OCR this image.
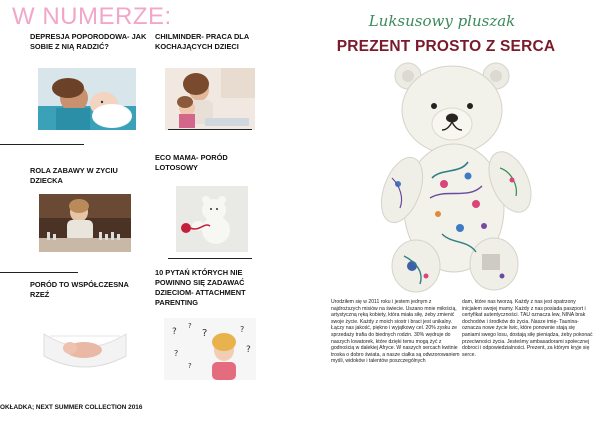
W NUMERZE:
DEPRESJA POPORODOWA- JAK SOBIE Z NIĄ RADZIĆ?
CHILMINDER- PRACA DLA KOCHAJĄCYCH DZIECI
ROLA ZABAWY W ZYCIU DZIECKA
ECO MAMA- PORÓD LOTOSOWY
PORÓD TO WSPÓŁCZESNA RZEŹ
10 PYTAŃ KTÓRYCH NIE POWINNO SIĘ ZADAWAĆ DZIECIOM- ATTACHMENT PARENTING
?
?
?
?
?
?
?
OKŁADKA; NEXT SUMMER COLLECTION 2016
Luksusowy pluszak
PREZENT PROSTO Z SERCA
Urodziłem się w 2011 roku i jestem jednym z najdroższych misiów na świecie. Uszano mnie miłością, artystyczną ręką kobiety, która miała siłę, żeby zmienić swoje życie. Każdy z moich siostr i braci jest unikalny. Łączy nas jakość, piękno i wyjątkowy cel. 20% zysku ze sprzedaży trafia do biednych rodzin. 30% wędruje do naszych lowatorek, które dzięki temu mogą żyć z godnością w dalekiej Afryce. W naszych sercach kwitnie troska o dobro świata, a nasze ciałka są odwzorowaniem myśli, widoków i talentów poszczególnych
dam, które nas tworzą. Każdy z nas jest opatrzony inicjałem swojej mamy. Każdy z nas posiada paszport i certyfikat autentyczności. TAU oznacza lew, NINA brak dochodów i środków do życia. Nasze imię- Taunina- oznacza nowe życie lwic, które ponownie stają się paniami swego losu, dostają siłę pieniądza, żeby pokonać przeciwności życia. Jesteśmy ambasadorami społecznej dobroci i odpowiedzialności. Prezent, za którym kryje się serce.
